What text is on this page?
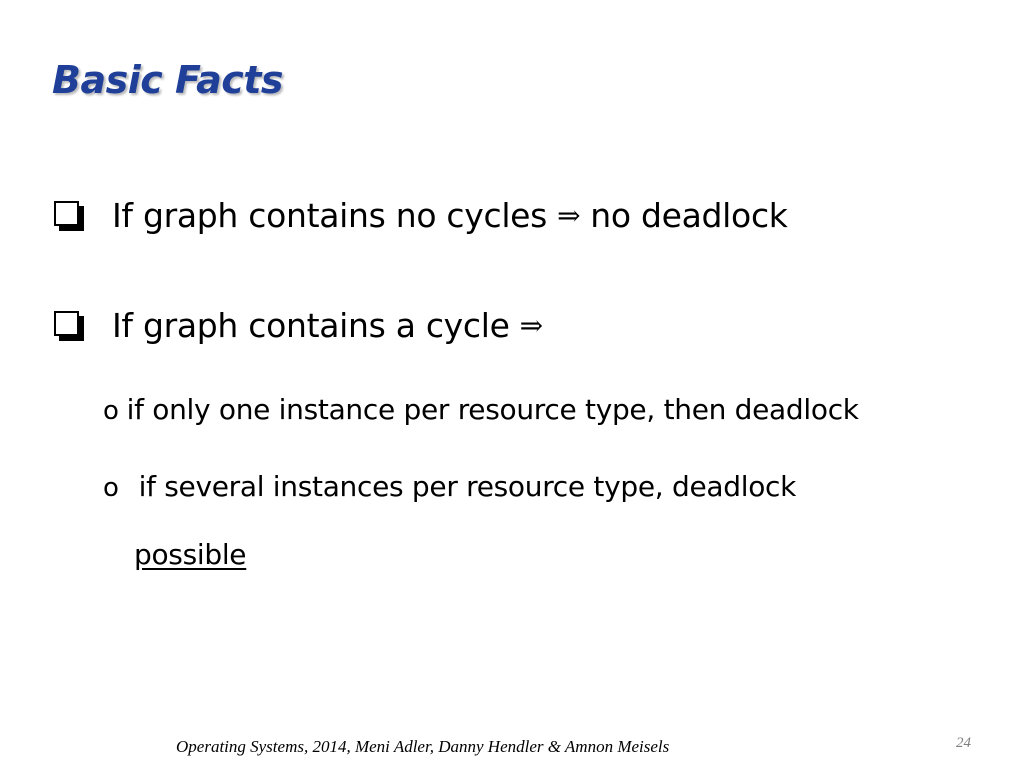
Basic Facts
If graph contains no cycles ⇒ no deadlock
If graph contains a cycle ⇒
o if only one instance per resource type, then deadlock
o if several instances per resource type, deadlock
possible
Operating Systems, 2014, Meni Adler, Danny Hendler & Amnon Meisels	24
